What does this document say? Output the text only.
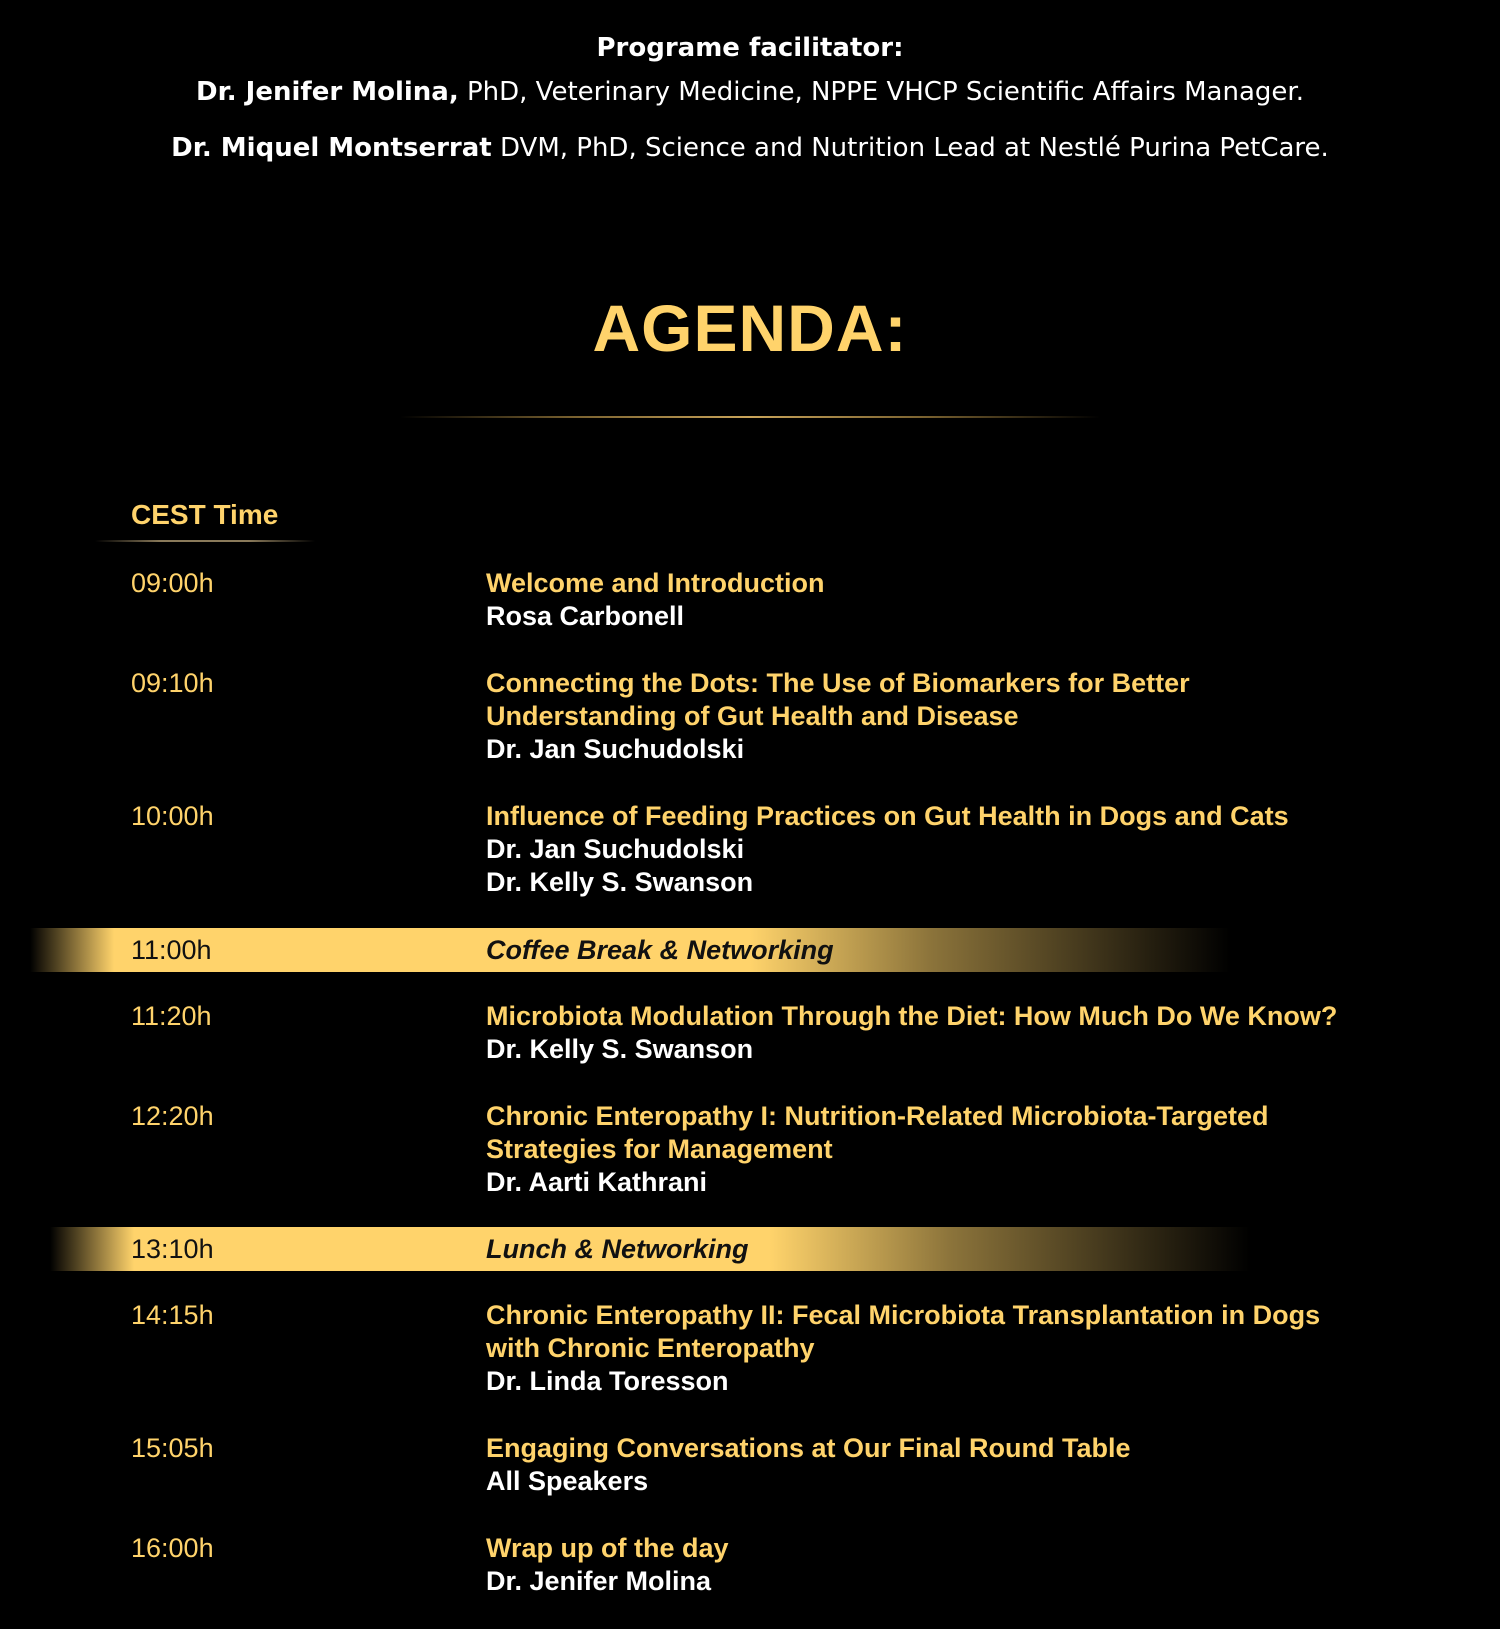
Programe facilitator:
Dr. Jenifer Molina, PhD, Veterinary Medicine, NPPE VHCP Scientific Affairs Manager.
Dr. Miquel Montserrat DVM, PhD, Science and Nutrition Lead at Nestlé Purina PetCare.
AGENDA:
CEST Time
09:00h	Welcome and Introduction
Rosa Carbonell
09:10h	Connecting the Dots: The Use of Biomarkers for Better Understanding of Gut Health and Disease
Dr. Jan Suchudolski
10:00h	Influence of Feeding Practices on Gut Health in Dogs and Cats
Dr. Jan Suchudolski
Dr. Kelly S. Swanson
11:00h	Coffee Break & Networking
11:20h	Microbiota Modulation Through the Diet: How Much Do We Know?
Dr. Kelly S. Swanson
12:20h	Chronic Enteropathy I: Nutrition-Related Microbiota-Targeted Strategies for Management
Dr. Aarti Kathrani
13:10h	Lunch & Networking
14:15h	Chronic Enteropathy II: Fecal Microbiota Transplantation in Dogs with Chronic Enteropathy
Dr. Linda Toresson
15:05h	Engaging Conversations at Our Final Round Table
All Speakers
16:00h	Wrap up of the day
Dr. Jenifer Molina
